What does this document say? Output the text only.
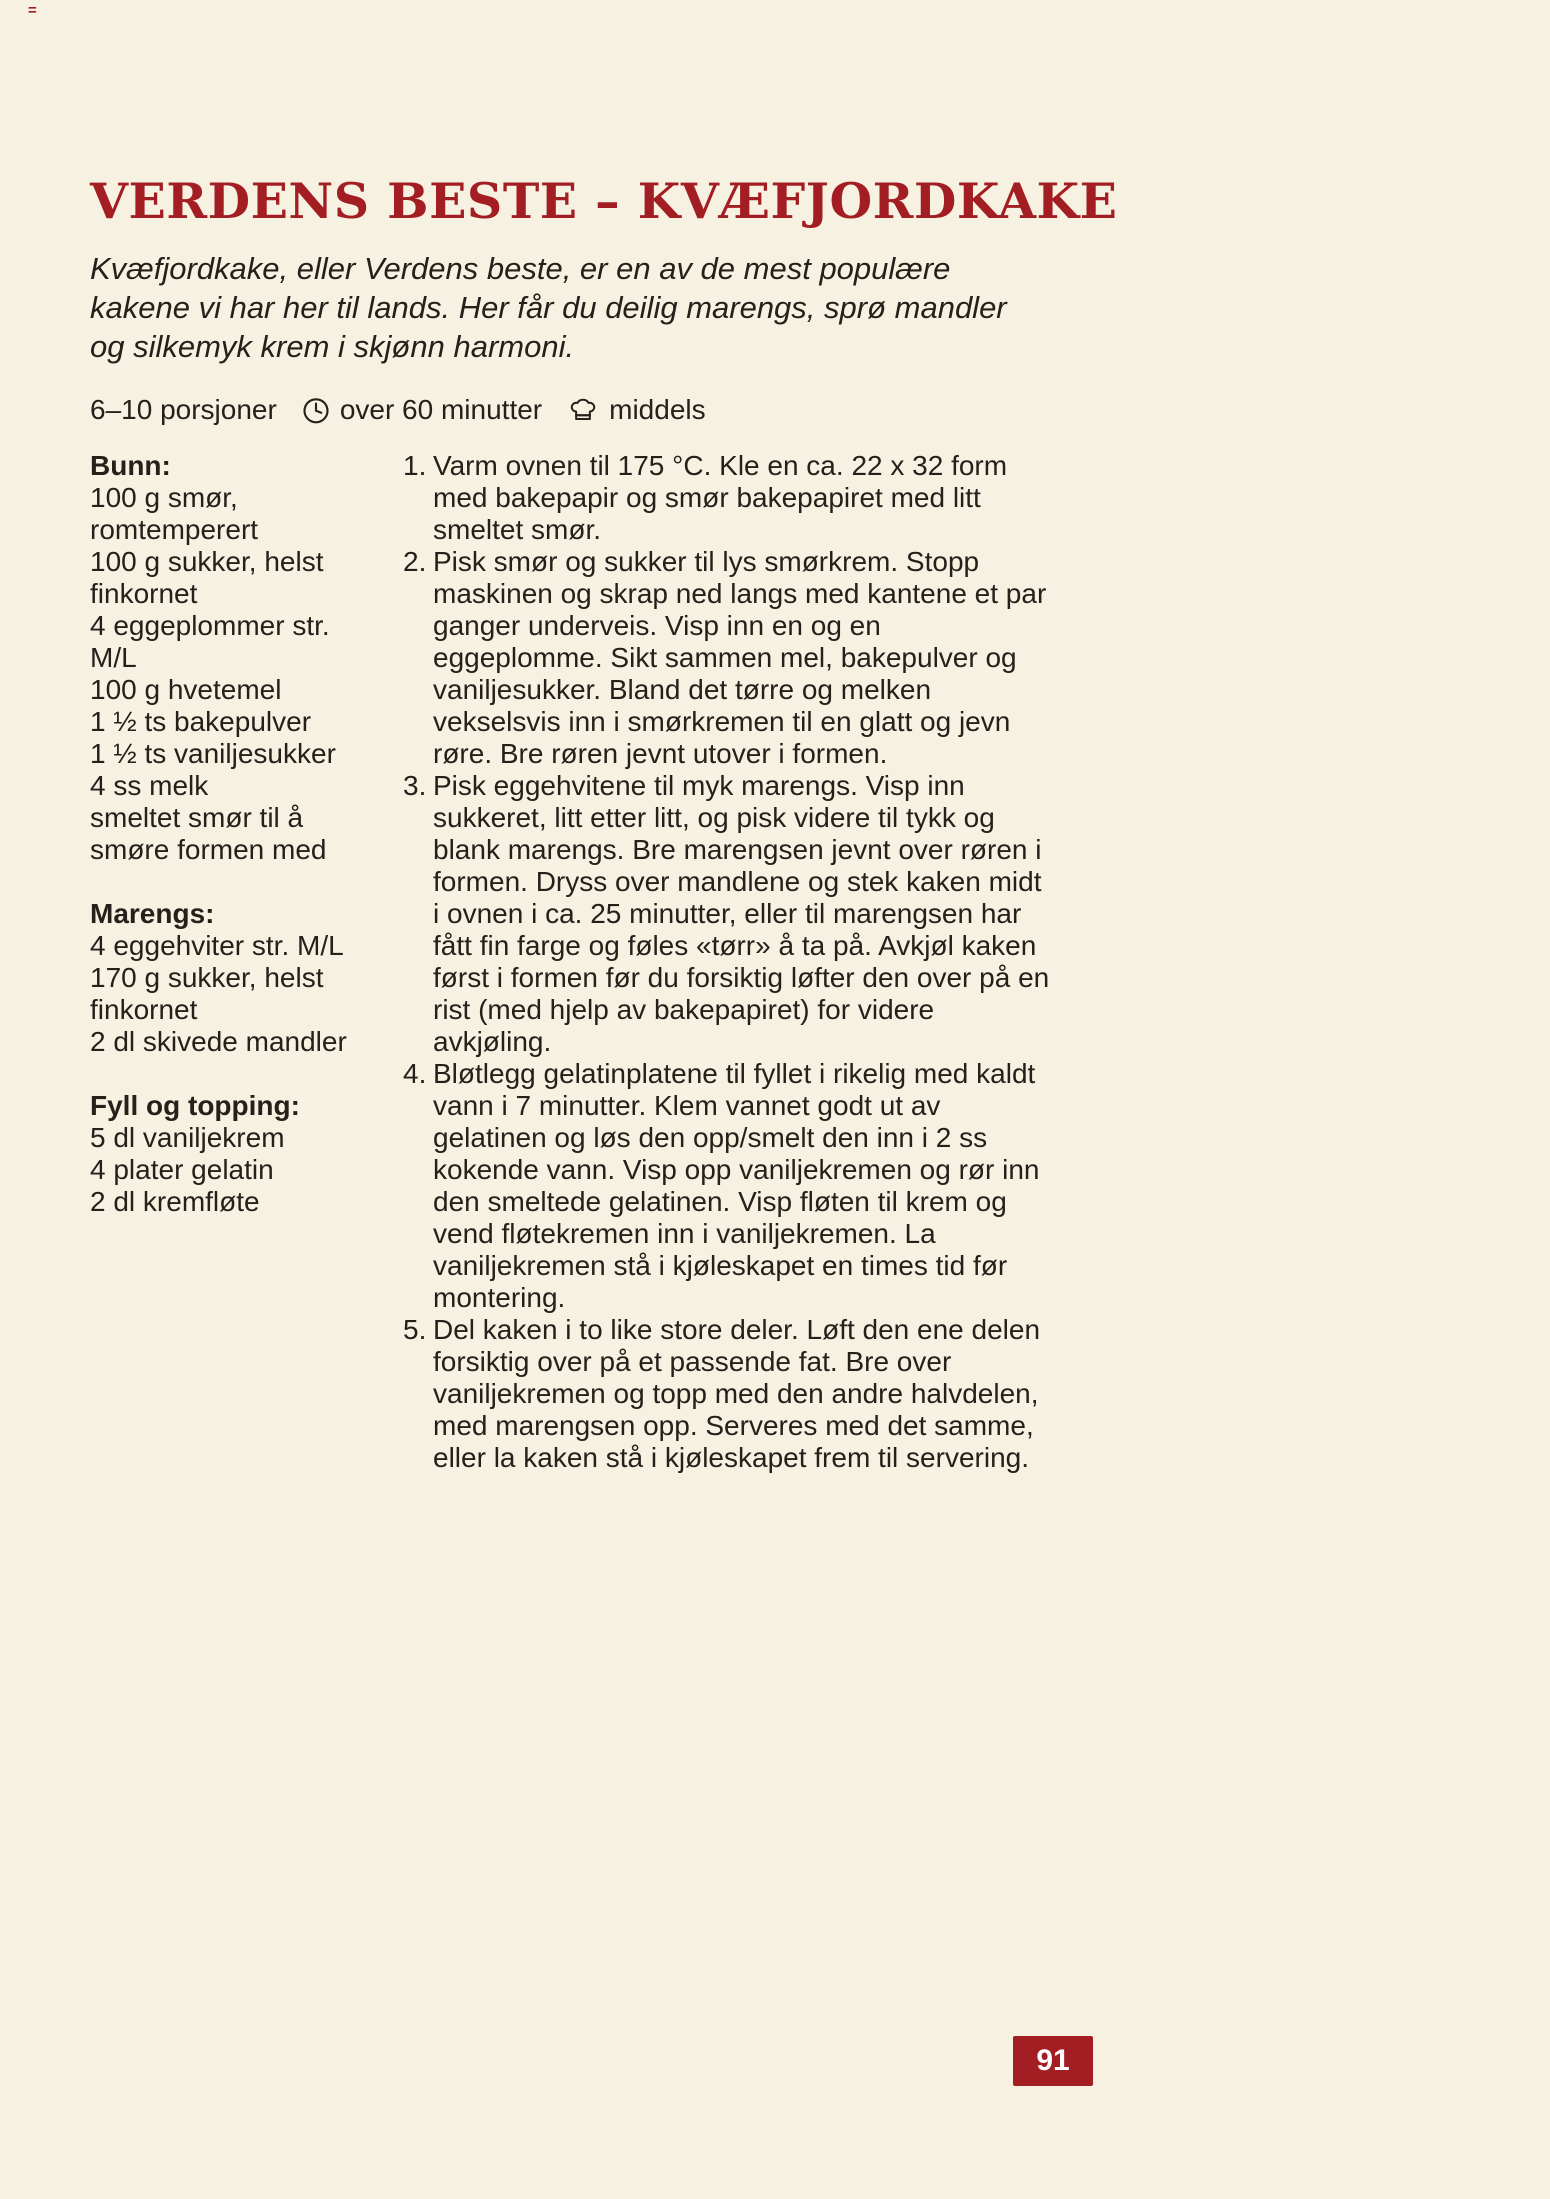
=
VERDENS BESTE – KVÆFJORDKAKE

Kvæfjordkake, eller Verdens beste, er en av de mest populære kakene vi har her til lands. Her får du deilig marengs, sprø mandler og silkemyk krem i skjønn harmoni.

6–10 porsjoner over 60 minutter middels
Bunn:
100 g smør, romtemperert
100 g sukker, helst finkornet
4 eggeplommer str. M/L
100 g hvetemel
1 ½ ts bakepulver
1 ½ ts vaniljesukker
4 ss melk
smeltet smør til å smøre formen med
Marengs:
4 eggehviter str. M/L
170 g sukker, helst finkornet
2 dl skivede mandler
Fyll og topping:
5 dl vaniljekrem
4 plater gelatin
2 dl kremfløte
1. Varm ovnen til 175 °C. Kle en ca. 22 x 32 form med bakepapir og smør bakepapiret med litt smeltet smør.
2. Pisk smør og sukker til lys smørkrem. Stopp maskinen og skrap ned langs med kantene et par ganger underveis. Visp inn en og en eggeplomme. Sikt sammen mel, bakepulver og vaniljesukker. Bland det tørre og melken vekselsvis inn i smørkremen til en glatt og jevn røre. Bre røren jevnt utover i formen.
3. Pisk eggehvitene til myk marengs. Visp inn sukkeret, litt etter litt, og pisk videre til tykk og blank marengs. Bre marengsen jevnt over røren i formen. Dryss over mandlene og stek kaken midt i ovnen i ca. 25 minutter, eller til marengsen har fått fin farge og føles «tørr» å ta på. Avkjøl kaken først i formen før du forsiktig løfter den over på en rist (med hjelp av bakepapiret) for videre avkjøling.
4. Bløtlegg gelatinplatene til fyllet i rikelig med kaldt vann i 7 minutter. Klem vannet godt ut av gelatinen og løs den opp/smelt den inn i 2 ss kokende vann. Visp opp vaniljekremen og rør inn den smeltede gelatinen. Visp fløten til krem og vend fløtekremen inn i vaniljekremen. La vaniljekremen stå i kjøleskapet en times tid før montering.
5. Del kaken i to like store deler. Løft den ene delen forsiktig over på et passende fat. Bre over vaniljekremen og topp med den andre halvdelen, med marengsen opp. Serveres med det samme, eller la kaken stå i kjøleskapet frem til servering.
91
